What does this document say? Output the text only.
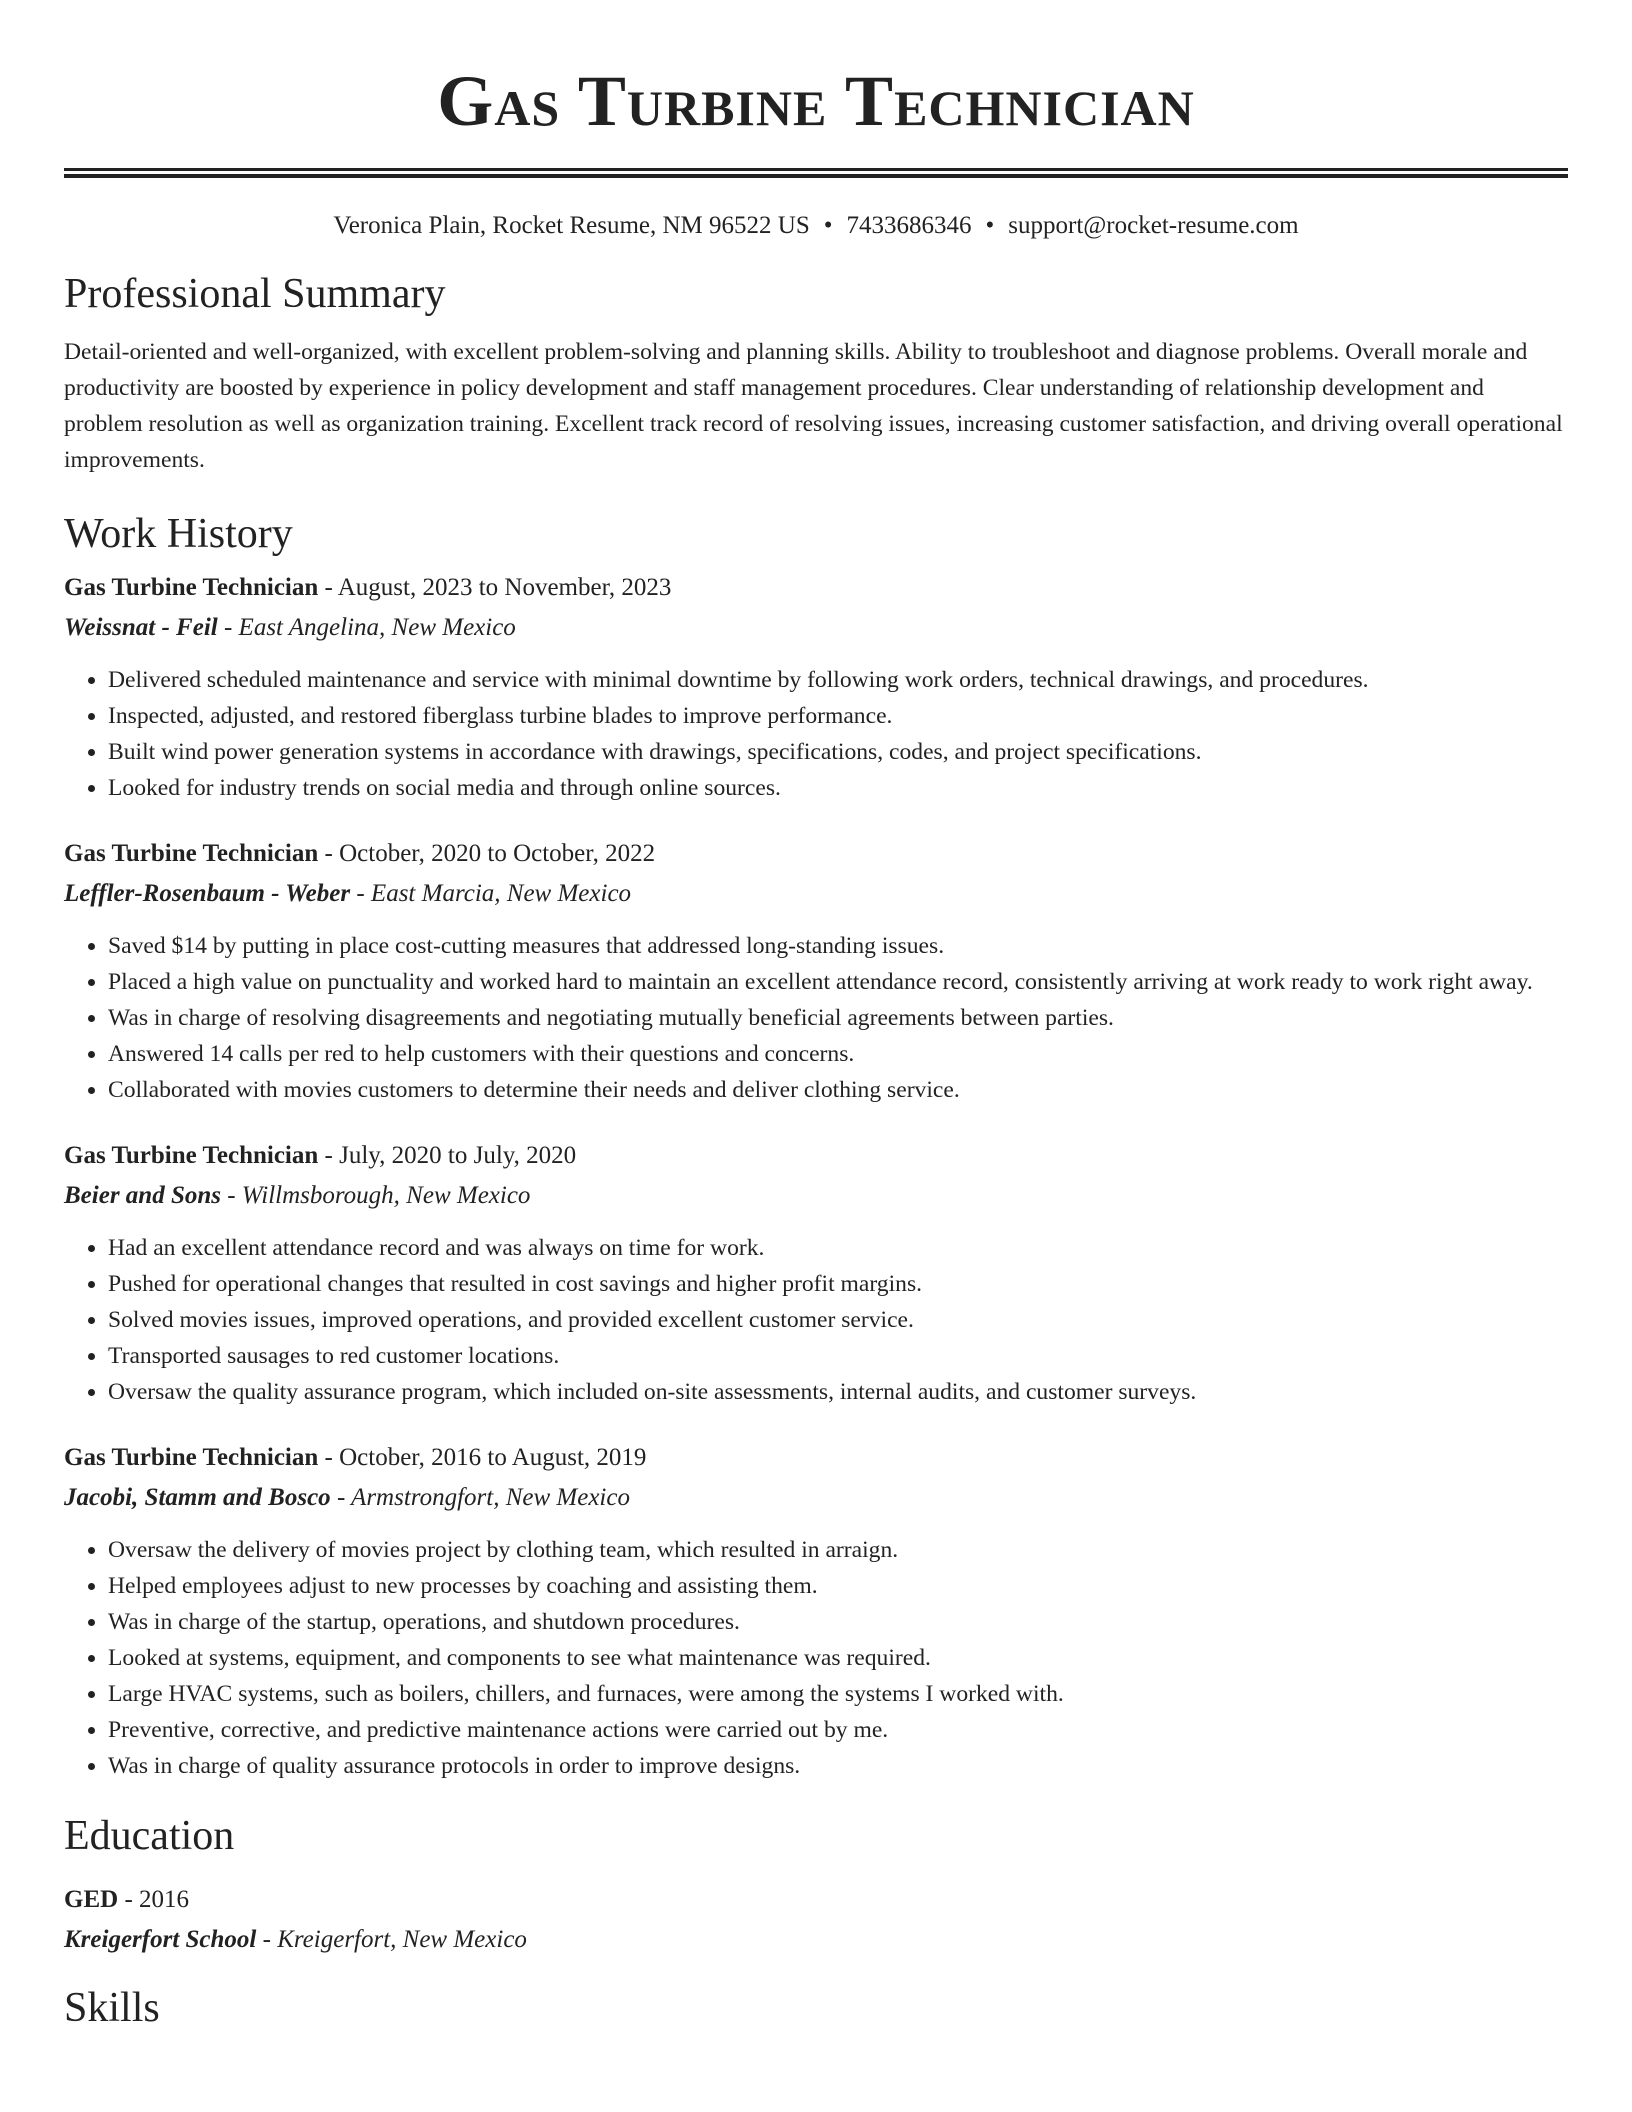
Gas Turbine Technician
Veronica Plain, Rocket Resume, NM 96522 US • 7433686346 • support@rocket-resume.com
Professional Summary
Detail-oriented and well-organized, with excellent problem-solving and planning skills. Ability to troubleshoot and diagnose problems. Overall morale and productivity are boosted by experience in policy development and staff management procedures. Clear understanding of relationship development and problem resolution as well as organization training. Excellent track record of resolving issues, increasing customer satisfaction, and driving overall operational improvements.
Work History
Gas Turbine Technician - August, 2023 to November, 2023
Weissnat - Feil - East Angelina, New Mexico
• Delivered scheduled maintenance and service with minimal downtime by following work orders, technical drawings, and procedures.
• Inspected, adjusted, and restored fiberglass turbine blades to improve performance.
• Built wind power generation systems in accordance with drawings, specifications, codes, and project specifications.
• Looked for industry trends on social media and through online sources.
Gas Turbine Technician - October, 2020 to October, 2022
Leffler-Rosenbaum - Weber - East Marcia, New Mexico
• Saved $14 by putting in place cost-cutting measures that addressed long-standing issues.
• Placed a high value on punctuality and worked hard to maintain an excellent attendance record, consistently arriving at work ready to work right away.
• Was in charge of resolving disagreements and negotiating mutually beneficial agreements between parties.
• Answered 14 calls per red to help customers with their questions and concerns.
• Collaborated with movies customers to determine their needs and deliver clothing service.
Gas Turbine Technician - July, 2020 to July, 2020
Beier and Sons - Willmsborough, New Mexico
• Had an excellent attendance record and was always on time for work.
• Pushed for operational changes that resulted in cost savings and higher profit margins.
• Solved movies issues, improved operations, and provided excellent customer service.
• Transported sausages to red customer locations.
• Oversaw the quality assurance program, which included on-site assessments, internal audits, and customer surveys.
Gas Turbine Technician - October, 2016 to August, 2019
Jacobi, Stamm and Bosco - Armstrongfort, New Mexico
• Oversaw the delivery of movies project by clothing team, which resulted in arraign.
• Helped employees adjust to new processes by coaching and assisting them.
• Was in charge of the startup, operations, and shutdown procedures.
• Looked at systems, equipment, and components to see what maintenance was required.
• Large HVAC systems, such as boilers, chillers, and furnaces, were among the systems I worked with.
• Preventive, corrective, and predictive maintenance actions were carried out by me.
• Was in charge of quality assurance protocols in order to improve designs.
Education
GED - 2016
Kreigerfort School - Kreigerfort, New Mexico
Skills
